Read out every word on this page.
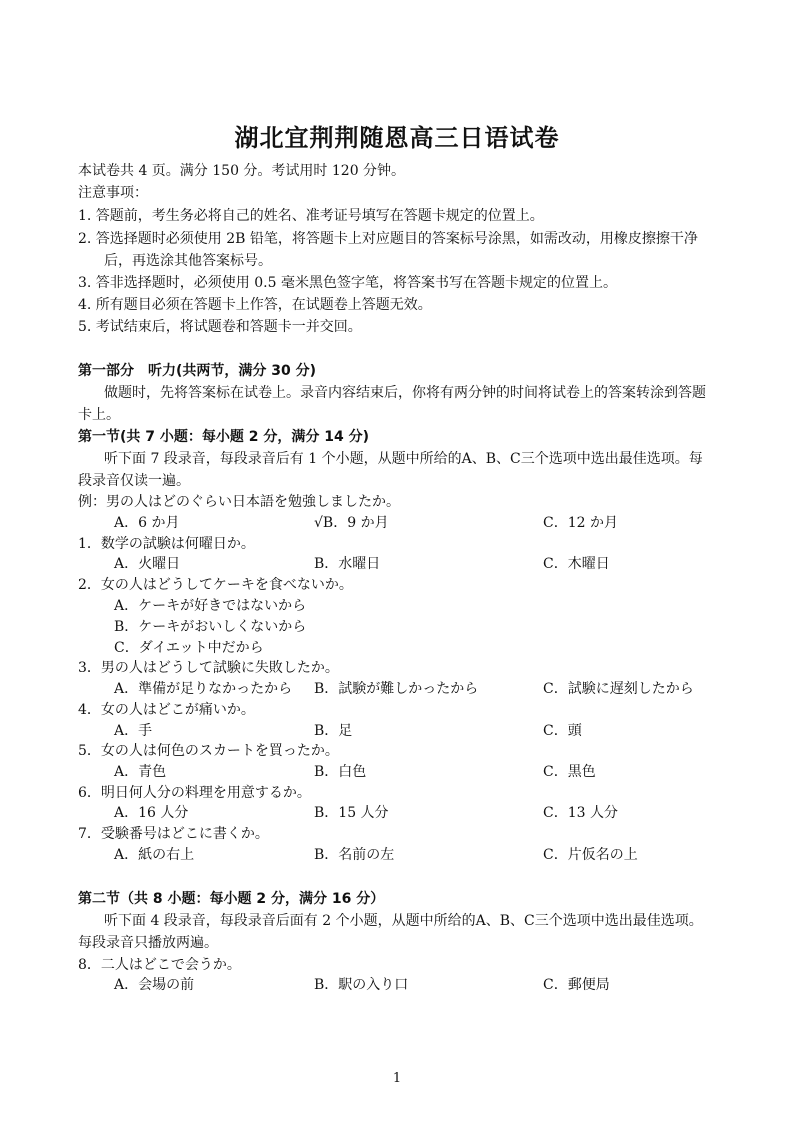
湖北宜荆荆随恩高三日语试卷
本试卷共 4 页。满分 150 分。考试用时 120 分钟。
注意事项：
1. 答题前，考生务必将自己的姓名、准考证号填写在答题卡规定的位置上。
2. 答选择题时必须使用 2B 铅笔，将答题卡上对应题目的答案标号涂黑，如需改动，用橡皮擦擦干净
后，再选涂其他答案标号。
3. 答非选择题时，必须使用 0.5 毫米黑色签字笔，将答案书写在答题卡规定的位置上。
4. 所有题目必须在答题卡上作答，在试题卷上答题无效。
5. 考试结束后，将试题卷和答题卡一并交回。
第一部分　听力(共两节，满分 30 分)
做题时，先将答案标在试卷上。录音内容结束后，你将有两分钟的时间将试卷上的答案转涂到答题
卡上。
第一节(共 7 小题：每小题 2 分，满分 14 分)
听下面 7 段录音，每段录音后有 1 个小题，从题中所给的A、B、C三个选项中选出最佳选项。每
段录音仅读一遍。
例：男の人はどのぐらい日本語を勉強しましたか。
A．6 か月	√B．9 か月	C．12 か月
1．数学の試験は何曜日か。
A．火曜日	B．水曜日	C．木曜日
2．女の人はどうしてケーキを食べないか。
A．ケーキが好きではないから
B．ケーキがおいしくないから
C．ダイエット中だから
3．男の人はどうして試験に失敗したか。
A．準備が足りなかったから B．試験が難しかったから	C．試験に遅刻したから
4．女の人はどこが痛いか。
A．手	B．足	C．頭
5．女の人は何色のスカートを買ったか。
A．青色	B．白色	C．黒色
6．明日何人分の料理を用意するか。
A．16 人分	B．15 人分	C．13 人分
7．受験番号はどこに書くか。
A．紙の右上	B．名前の左	C．片仮名の上
第二节（共 8 小题：每小题 2 分，满分 16 分）
听下面 4 段录音，每段录音后面有 2 个小题，从题中所给的A、B、C三个选项中选出最佳选项。
每段录音只播放两遍。
8．二人はどこで会うか。
A．会場の前	B．駅の入り口	C．郵便局
1
